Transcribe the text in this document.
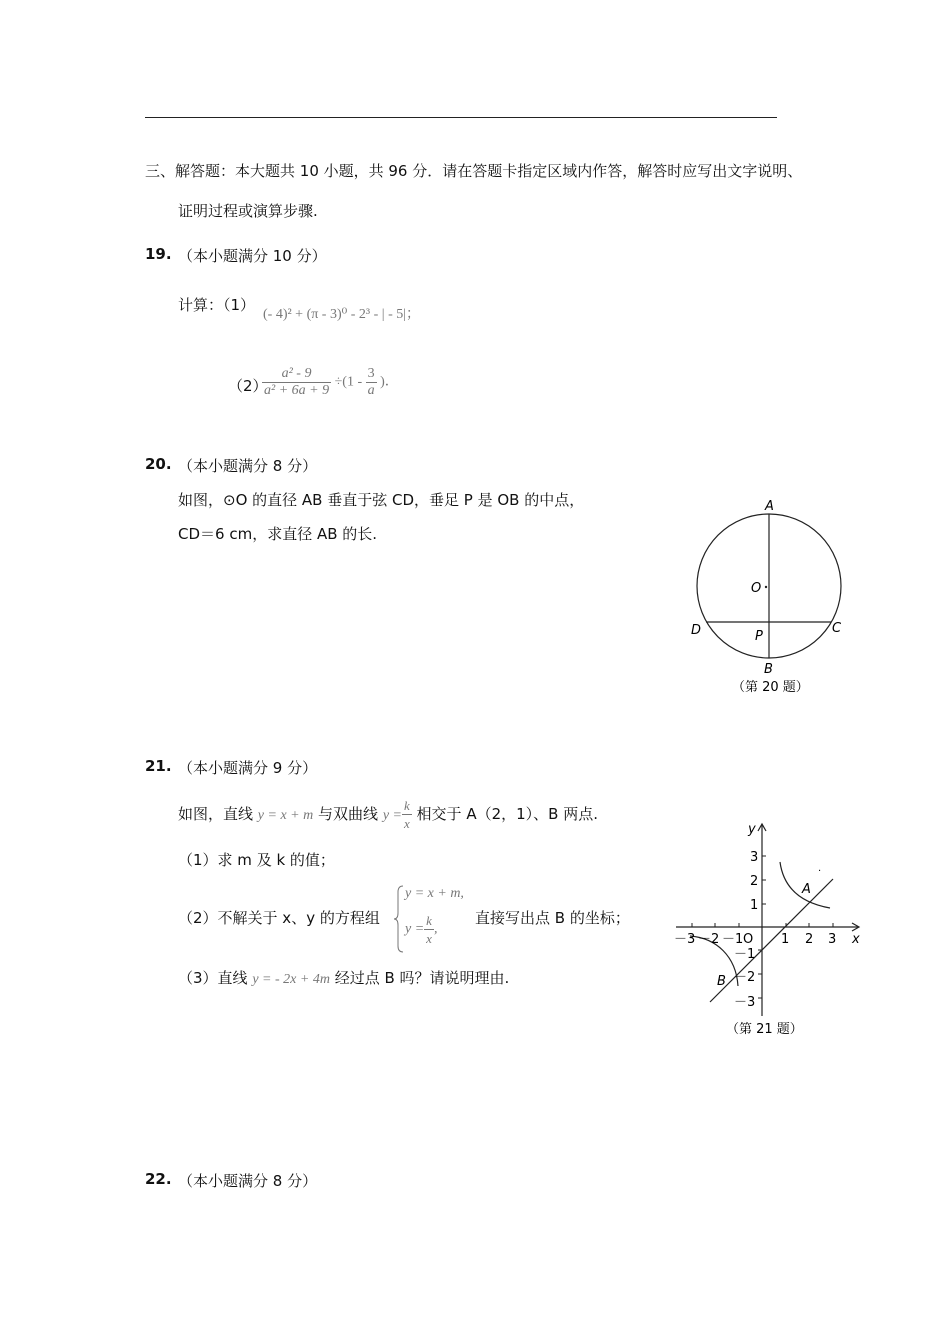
三、解答题：本大题共 10 小题，共 96 分．请在答题卡指定区域内作答，解答时应写出文字说明、
证明过程或演算步骤.
19. （本小题满分 10 分）
计算：（1）
(- 4)² + (π - 3)⁰ - 2³ - | - 5|；
（2）
$\frac{\text{a² - 9}}{\text{a² + 6a + 9}} \div(1 - \frac{3}{a}$ )．
20. （本小题满分 8 分）
如图，⊙O 的直径 AB 垂直于弦 CD，垂足 P 是 OB 的中点，
CD＝6 cm，求直径 AB 的长.
A
O
D	C
P
B
（第 20 题）
21. （本小题满分 9 分）
如图，直线 y = x + m 与双曲线 $y = \frac{k}{x}$ 相交于 A（2，1）、B 两点.
（1）求 m 及 k 的值；
（2）不解关于 x、y 的方程组
y = x + m,
$y = \frac{k}{x}$ ,
直接写出点 B 的坐标；
（3）直线 y = - 2x + 4m 经过点 B 吗？请说明理由.
y
x
3
2
1
－1
－2
－3
－3 －2 －1 O 1 2 3
A
B
·
（第 21 题）
22. （本小题满分 8 分）
